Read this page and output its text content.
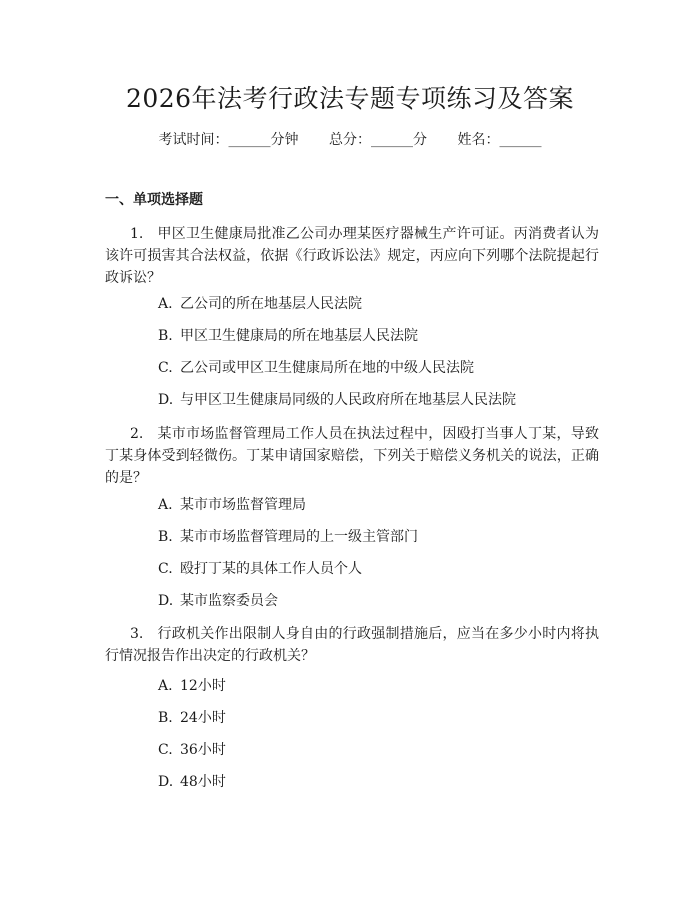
2026年法考行政法专题专项练习及答案
考试时间：______分钟 总分：______分 姓名：______
一、单项选择题
1. 甲区卫生健康局批准乙公司办理某医疗器械生产许可证。丙消费者认为该许可损害其合法权益，依据《行政诉讼法》规定，丙应向下列哪个法院提起行政诉讼？
A. 乙公司的所在地基层人民法院
B. 甲区卫生健康局的所在地基层人民法院
C. 乙公司或甲区卫生健康局所在地的中级人民法院
D. 与甲区卫生健康局同级的人民政府所在地基层人民法院
2. 某市市场监督管理局工作人员在执法过程中，因殴打当事人丁某，导致丁某身体受到轻微伤。丁某申请国家赔偿，下列关于赔偿义务机关的说法，正确的是？
A. 某市市场监督管理局
B. 某市市场监督管理局的上一级主管部门
C. 殴打丁某的具体工作人员个人
D. 某市监察委员会
3. 行政机关作出限制人身自由的行政强制措施后，应当在多少小时内将执行情况报告作出决定的行政机关？
A. 12小时
B. 24小时
C. 36小时
D. 48小时
